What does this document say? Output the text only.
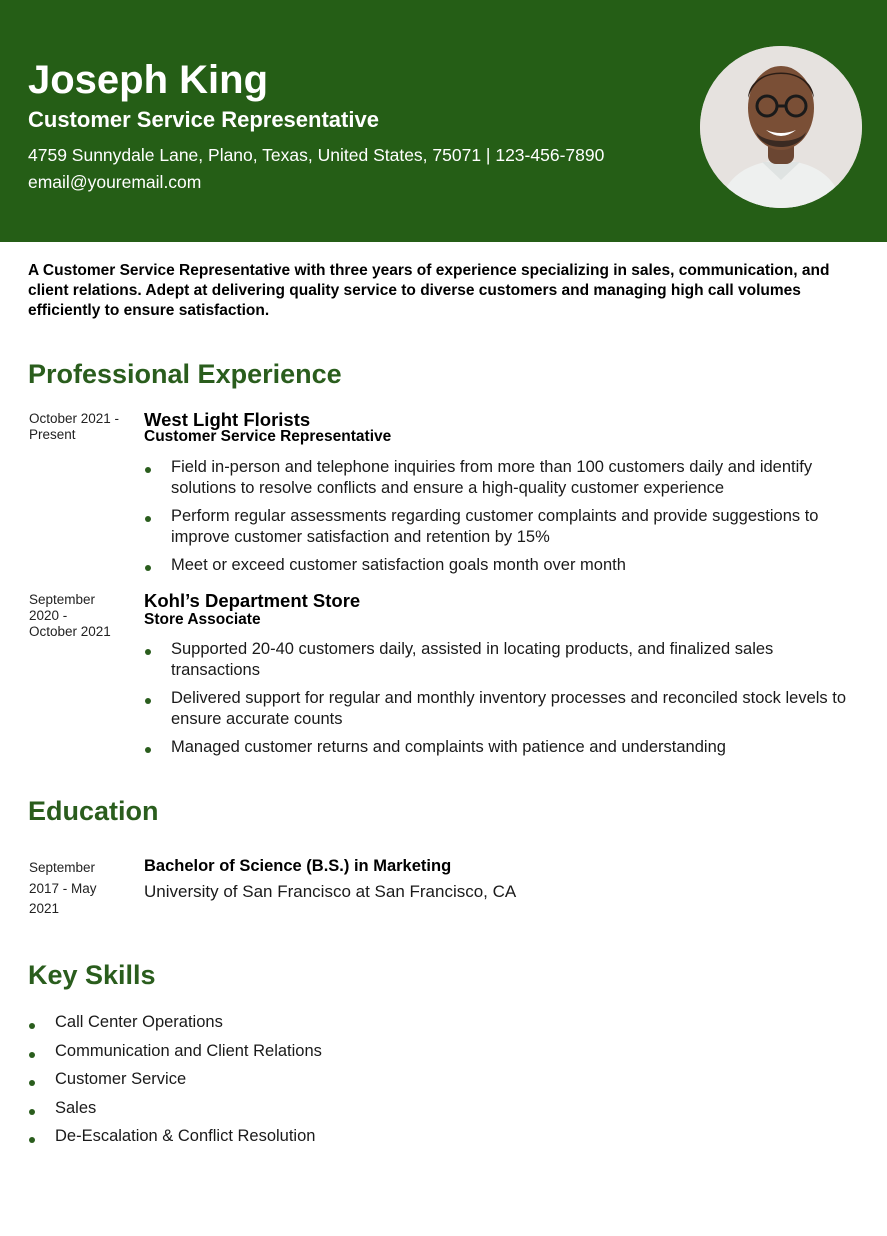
Joseph King
Customer Service Representative
4759 Sunnydale Lane, Plano, Texas, United States, 75071 | 123-456-7890
email@youremail.com
A Customer Service Representative with three years of experience specializing in sales, communication, and client relations. Adept at delivering quality service to diverse customers and managing high call volumes efficiently to ensure satisfaction.
Professional Experience
October 2021 - Present
West Light Florists
Customer Service Representative
Field in-person and telephone inquiries from more than 100 customers daily and identify solutions to resolve conflicts and ensure a high-quality customer experience
Perform regular assessments regarding customer complaints and provide suggestions to improve customer satisfaction and retention by 15%
Meet or exceed customer satisfaction goals month over month
September 2020 - October 2021
Kohl’s Department Store
Store Associate
Supported 20-40 customers daily, assisted in locating products, and finalized sales transactions
Delivered support for regular and monthly inventory processes and reconciled stock levels to ensure accurate counts
Managed customer returns and complaints with patience and understanding
Education
September 2017 - May 2021
Bachelor of Science (B.S.) in Marketing
University of San Francisco at San Francisco, CA
Key Skills
Call Center Operations
Communication and Client Relations
Customer Service
Sales
De-Escalation & Conflict Resolution
